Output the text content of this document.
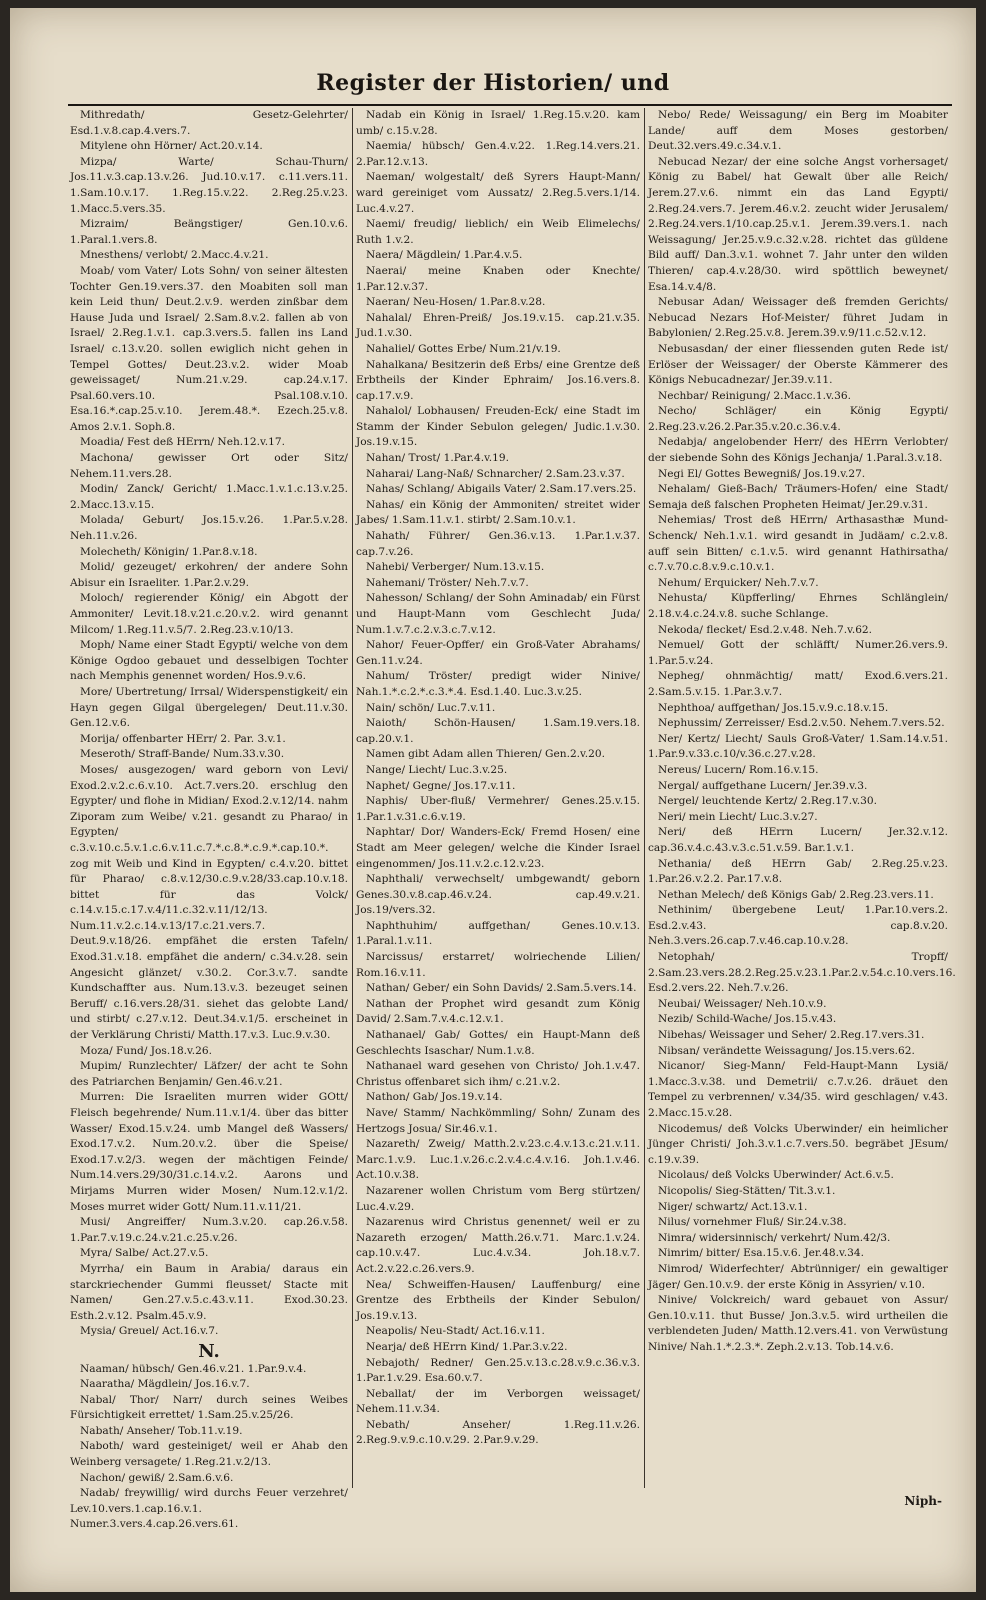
Register der Historien/ und
Mithredath/ Gesetz-Gelehrter/ Esd.1.v.8.cap.4.vers.7.
Mitylene ohn Hörner/ Act.20.v.14.
Mizpa/ Warte/ Schau-Thurn/ Jos.11.v.3.cap.13.v.26. Jud.10.v.17. c.11.vers.11. 1.Sam.10.v.17. 1.Reg.15.v.22. 2.Reg.25.v.23. 1.Macc.5.vers.35.
Mizraim/ Beängstiger/ Gen.10.v.6. 1.Paral.1.vers.8.
Mnesthens/ verlobt/ 2.Macc.4.v.21.
Moab/ vom Vater/ Lots Sohn/ von seiner ältesten Tochter Gen.19.vers.37. den Moabiten soll man kein Leid thun/ Deut.2.v.9. werden zinßbar dem Hause Juda und Israel/ 2.Sam.8.v.2. fallen ab von Israel/ 2.Reg.1.v.1. cap.3.vers.5. fallen ins Land Israel/ c.13.v.20. sollen ewiglich nicht gehen in Tempel Gottes/ Deut.23.v.2. wider Moab geweissaget/ Num.21.v.29. cap.24.v.17. Psal.60.vers.10. Psal.108.v.10. Esa.16.*.cap.25.v.10. Jerem.48.*. Ezech.25.v.8. Amos 2.v.1. Soph.8.
Moadia/ Fest deß HErrn/ Neh.12.v.17.
Machona/ gewisser Ort oder Sitz/ Nehem.11.vers.28.
Modin/ Zanck/ Gericht/ 1.Macc.1.v.1.c.13.v.25. 2.Macc.13.v.15.
Molada/ Geburt/ Jos.15.v.26. 1.Par.5.v.28. Neh.11.v.26.
Molecheth/ Königin/ 1.Par.8.v.18.
Molid/ gezeuget/ erkohren/ der andere Sohn Abisur ein Israeliter. 1.Par.2.v.29.
Moloch/ regierender König/ ein Abgott der Ammoniter/ Levit.18.v.21.c.20.v.2. wird genannt Milcom/ 1.Reg.11.v.5/7. 2.Reg.23.v.10/13.
Moph/ Name einer Stadt Egypti/ welche von dem Könige Ogdoo gebauet und desselbigen Tochter nach Memphis genennet worden/ Hos.9.v.6.
More/ Ubertretung/ Irrsal/ Widerspenstigkeit/ ein Hayn gegen Gilgal übergelegen/ Deut.11.v.30. Gen.12.v.6.
Morija/ offenbarter HErr/ 2. Par. 3.v.1.
Meseroth/ Straff-Bande/ Num.33.v.30.
Moses/ ausgezogen/ ward geborn von Levi/ Exod.2.v.2.c.6.v.10. Act.7.vers.20. erschlug den Egypter/ und flohe in Midian/ Exod.2.v.12/14. nahm Ziporam zum Weibe/ v.21. gesandt zu Pharao/ in Egypten/ c.3.v.10.c.5.v.1.c.6.v.11.c.7.*.c.8.*.c.9.*.cap.10.*. zog mit Weib und Kind in Egypten/ c.4.v.20. bittet für Pharao/ c.8.v.12/30.c.9.v.28/33.cap.10.v.18. bittet für das Volck/ c.14.v.15.c.17.v.4/11.c.32.v.11/12/13. Num.11.v.2.c.14.v.13/17.c.21.vers.7. Deut.9.v.18/26. empfähet die ersten Tafeln/ Exod.31.v.18. empfähet die andern/ c.34.v.28. sein Angesicht glänzet/ v.30.2. Cor.3.v.7. sandte Kundschaffter aus. Num.13.v.3. bezeuget seinen Beruff/ c.16.vers.28/31. siehet das gelobte Land/ und stirbt/ c.27.v.12. Deut.34.v.1/5. erscheinet in der Verklärung Christi/ Matth.17.v.3. Luc.9.v.30.
Moza/ Fund/ Jos.18.v.26.
Mupim/ Runzlechter/ Läfzer/ der acht te Sohn des Patriarchen Benjamin/ Gen.46.v.21.
Murren: Die Israeliten murren wider GOtt/ Fleisch begehrende/ Num.11.v.1/4. über das bitter Wasser/ Exod.15.v.24. umb Mangel deß Wassers/ Exod.17.v.2. Num.20.v.2. über die Speise/ Exod.17.v.2/3. wegen der mächtigen Feinde/ Num.14.vers.29/30/31.c.14.v.2. Aarons und Mirjams Murren wider Mosen/ Num.12.v.1/2. Moses murret wider Gott/ Num.11.v.11/21.
Musi/ Angreiffer/ Num.3.v.20. cap.26.v.58. 1.Par.7.v.19.c.24.v.21.c.25.v.26.
Myra/ Salbe/ Act.27.v.5.
Myrrha/ ein Baum in Arabia/ daraus ein starckriechender Gummi fleusset/ Stacte mit Namen/ Gen.27.v.5.c.43.v.11. Exod.30.23. Esth.2.v.12. Psalm.45.v.9.
Mysia/ Greuel/ Act.16.v.7.
N.
Naaman/ hübsch/ Gen.46.v.21. 1.Par.9.v.4.
Naaratha/ Mägdlein/ Jos.16.v.7.
Nabal/ Thor/ Narr/ durch seines Weibes Fürsichtigkeit errettet/ 1.Sam.25.v.25/26.
Nabath/ Anseher/ Tob.11.v.19.
Naboth/ ward gesteiniget/ weil er Ahab den Weinberg versagete/ 1.Reg.21.v.2/13.
Nachon/ gewiß/ 2.Sam.6.v.6.
Nadab/ freywillig/ wird durchs Feuer verzehret/ Lev.10.vers.1.cap.16.v.1. Numer.3.vers.4.cap.26.vers.61.
Nadab ein König in Israel/ 1.Reg.15.v.20. kam umb/ c.15.v.28.
Naemia/ hübsch/ Gen.4.v.22. 1.Reg.14.vers.21. 2.Par.12.v.13.
Naeman/ wolgestalt/ deß Syrers Haupt-Mann/ ward gereiniget vom Aussatz/ 2.Reg.5.vers.1/14. Luc.4.v.27.
Naemi/ freudig/ lieblich/ ein Weib Elimelechs/ Ruth 1.v.2.
Naera/ Mägdlein/ 1.Par.4.v.5.
Naerai/ meine Knaben oder Knechte/ 1.Par.12.v.37.
Naeran/ Neu-Hosen/ 1.Par.8.v.28.
Nahalal/ Ehren-Preiß/ Jos.19.v.15. cap.21.v.35. Jud.1.v.30.
Nahaliel/ Gottes Erbe/ Num.21/v.19.
Nahalkana/ Besitzerin deß Erbs/ eine Grentze deß Erbtheils der Kinder Ephraim/ Jos.16.vers.8. cap.17.v.9.
Nahalol/ Lobhausen/ Freuden-Eck/ eine Stadt im Stamm der Kinder Sebulon gelegen/ Judic.1.v.30. Jos.19.v.15.
Nahan/ Trost/ 1.Par.4.v.19.
Naharai/ Lang-Naß/ Schnarcher/ 2.Sam.23.v.37.
Nahas/ Schlang/ Abigails Vater/ 2.Sam.17.vers.25.
Nahas/ ein König der Ammoniten/ streitet wider Jabes/ 1.Sam.11.v.1. stirbt/ 2.Sam.10.v.1.
Nahath/ Führer/ Gen.36.v.13. 1.Par.1.v.37. cap.7.v.26.
Nahebi/ Verberger/ Num.13.v.15.
Nahemani/ Tröster/ Neh.7.v.7.
Nahesson/ Schlang/ der Sohn Aminadab/ ein Fürst und Haupt-Mann vom Geschlecht Juda/ Num.1.v.7.c.2.v.3.c.7.v.12.
Nahor/ Feuer-Opffer/ ein Groß-Vater Abrahams/ Gen.11.v.24.
Nahum/ Tröster/ predigt wider Ninive/ Nah.1.*.c.2.*.c.3.*.4. Esd.1.40. Luc.3.v.25.
Nain/ schön/ Luc.7.v.11.
Naioth/ Schön-Hausen/ 1.Sam.19.vers.18. cap.20.v.1.
Namen gibt Adam allen Thieren/ Gen.2.v.20.
Nange/ Liecht/ Luc.3.v.25.
Naphet/ Gegne/ Jos.17.v.11.
Naphis/ Uber-fluß/ Vermehrer/ Genes.25.v.15. 1.Par.1.v.31.c.6.v.19.
Naphtar/ Dor/ Wanders-Eck/ Fremd Hosen/ eine Stadt am Meer gelegen/ welche die Kinder Israel eingenommen/ Jos.11.v.2.c.12.v.23.
Naphthali/ verwechselt/ umbgewandt/ geborn Genes.30.v.8.cap.46.v.24. cap.49.v.21. Jos.19/vers.32.
Naphthuhim/ auffgethan/ Genes.10.v.13. 1.Paral.1.v.11.
Narcissus/ erstarret/ wolriechende Lilien/ Rom.16.v.11.
Nathan/ Geber/ ein Sohn Davids/ 2.Sam.5.vers.14.
Nathan der Prophet wird gesandt zum König David/ 2.Sam.7.v.4.c.12.v.1.
Nathanael/ Gab/ Gottes/ ein Haupt-Mann deß Geschlechts Isaschar/ Num.1.v.8.
Nathanael ward gesehen von Christo/ Joh.1.v.47. Christus offenbaret sich ihm/ c.21.v.2.
Nathon/ Gab/ Jos.19.v.14.
Nave/ Stamm/ Nachkömmling/ Sohn/ Zunam des Hertzogs Josua/ Sir.46.v.1.
Nazareth/ Zweig/ Matth.2.v.23.c.4.v.13.c.21.v.11. Marc.1.v.9. Luc.1.v.26.c.2.v.4.c.4.v.16. Joh.1.v.46. Act.10.v.38.
Nazarener wollen Christum vom Berg stürtzen/ Luc.4.v.29.
Nazarenus wird Christus genennet/ weil er zu Nazareth erzogen/ Matth.26.v.71. Marc.1.v.24. cap.10.v.47. Luc.4.v.34. Joh.18.v.7. Act.2.v.22.c.26.vers.9.
Nea/ Schweiffen-Hausen/ Lauffenburg/ eine Grentze des Erbtheils der Kinder Sebulon/ Jos.19.v.13.
Neapolis/ Neu-Stadt/ Act.16.v.11.
Nearja/ deß HErrn Kind/ 1.Par.3.v.22.
Nebajoth/ Redner/ Gen.25.v.13.c.28.v.9.c.36.v.3. 1.Par.1.v.29. Esa.60.v.7.
Neballat/ der im Verborgen weissaget/ Nehem.11.v.34.
Nebath/ Anseher/ 1.Reg.11.v.26. 2.Reg.9.v.9.c.10.v.29. 2.Par.9.v.29.
Nebo/ Rede/ Weissagung/ ein Berg im Moabiter Lande/ auff dem Moses gestorben/ Deut.32.vers.49.c.34.v.1.
Nebucad Nezar/ der eine solche Angst vorhersaget/ König zu Babel/ hat Gewalt über alle Reich/ Jerem.27.v.6. nimmt ein das Land Egypti/ 2.Reg.24.vers.7. Jerem.46.v.2. zeucht wider Jerusalem/ 2.Reg.24.vers.1/10.cap.25.v.1. Jerem.39.vers.1. nach Weissagung/ Jer.25.v.9.c.32.v.28. richtet das güldene Bild auff/ Dan.3.v.1. wohnet 7. Jahr unter den wilden Thieren/ cap.4.v.28/30. wird spöttlich beweynet/ Esa.14.v.4/8.
Nebusar Adan/ Weissager deß fremden Gerichts/ Nebucad Nezars Hof-Meister/ führet Judam in Babylonien/ 2.Reg.25.v.8. Jerem.39.v.9/11.c.52.v.12.
Nebusasdan/ der einer fliessenden guten Rede ist/ Erlöser der Weissager/ der Oberste Kämmerer des Königs Nebucadnezar/ Jer.39.v.11.
Nechbar/ Reinigung/ 2.Macc.1.v.36.
Necho/ Schläger/ ein König Egypti/ 2.Reg.23.v.26.2.Par.35.v.20.c.36.v.4.
Nedabja/ angelobender Herr/ des HErrn Verlobter/ der siebende Sohn des Königs Jechanja/ 1.Paral.3.v.18.
Negi El/ Gottes Bewegniß/ Jos.19.v.27.
Nehalam/ Gieß-Bach/ Träumers-Hofen/ eine Stadt/ Semaja deß falschen Propheten Heimat/ Jer.29.v.31.
Nehemias/ Trost deß HErrn/ Arthasasthæ Mund-Schenck/ Neh.1.v.1. wird gesandt in Judäam/ c.2.v.8. auff sein Bitten/ c.1.v.5. wird genannt Hathirsatha/ c.7.v.70.c.8.v.9.c.10.v.1.
Nehum/ Erquicker/ Neh.7.v.7.
Nehusta/ Küpfferling/ Ehrnes Schlänglein/ 2.18.v.4.c.24.v.8. suche Schlange.
Nekoda/ flecket/ Esd.2.v.48. Neh.7.v.62.
Nemuel/ Gott der schläfft/ Numer.26.vers.9. 1.Par.5.v.24.
Nepheg/ ohnmächtig/ matt/ Exod.6.vers.21. 2.Sam.5.v.15. 1.Par.3.v.7.
Nephthoa/ auffgethan/ Jos.15.v.9.c.18.v.15.
Nephussim/ Zerreisser/ Esd.2.v.50. Nehem.7.vers.52.
Ner/ Kertz/ Liecht/ Sauls Groß-Vater/ 1.Sam.14.v.51. 1.Par.9.v.33.c.10/v.36.c.27.v.28.
Nereus/ Lucern/ Rom.16.v.15.
Nergal/ auffgethane Lucern/ Jer.39.v.3.
Nergel/ leuchtende Kertz/ 2.Reg.17.v.30.
Neri/ mein Liecht/ Luc.3.v.27.
Neri/ deß HErrn Lucern/ Jer.32.v.12. cap.36.v.4.c.43.v.3.c.51.v.59. Bar.1.v.1.
Nethania/ deß HErrn Gab/ 2.Reg.25.v.23. 1.Par.26.v.2.2. Par.17.v.8.
Nethan Melech/ deß Königs Gab/ 2.Reg.23.vers.11.
Nethinim/ übergebene Leut/ 1.Par.10.vers.2. Esd.2.v.43. cap.8.v.20. Neh.3.vers.26.cap.7.v.46.cap.10.v.28.
Netophah/ Tropff/ 2.Sam.23.vers.28.2.Reg.25.v.23.1.Par.2.v.54.c.10.vers.16. Esd.2.vers.22. Neh.7.v.26.
Neubai/ Weissager/ Neh.10.v.9.
Nezib/ Schild-Wache/ Jos.15.v.43.
Nibehas/ Weissager und Seher/ 2.Reg.17.vers.31.
Nibsan/ verändette Weissagung/ Jos.15.vers.62.
Nicanor/ Sieg-Mann/ Feld-Haupt-Mann Lysiä/ 1.Macc.3.v.38. und Demetrii/ c.7.v.26. dräuet den Tempel zu verbrennen/ v.34/35. wird geschlagen/ v.43. 2.Macc.15.v.28.
Nicodemus/ deß Volcks Uberwinder/ ein heimlicher Jünger Christi/ Joh.3.v.1.c.7.vers.50. begräbet JEsum/ c.19.v.39.
Nicolaus/ deß Volcks Uberwinder/ Act.6.v.5.
Nicopolis/ Sieg-Stätten/ Tit.3.v.1.
Niger/ schwartz/ Act.13.v.1.
Nilus/ vornehmer Fluß/ Sir.24.v.38.
Nimra/ widersinnisch/ verkehrt/ Num.42/3.
Nimrim/ bitter/ Esa.15.v.6. Jer.48.v.34.
Nimrod/ Widerfechter/ Abtrünniger/ ein gewaltiger Jäger/ Gen.10.v.9. der erste König in Assyrien/ v.10.
Ninive/ Volckreich/ ward gebauet von Assur/ Gen.10.v.11. thut Busse/ Jon.3.v.5. wird urtheilen die verblendeten Juden/ Matth.12.vers.41. von Verwüstung Ninive/ Nah.1.*.2.3.*. Zeph.2.v.13. Tob.14.v.6.
Niph-
